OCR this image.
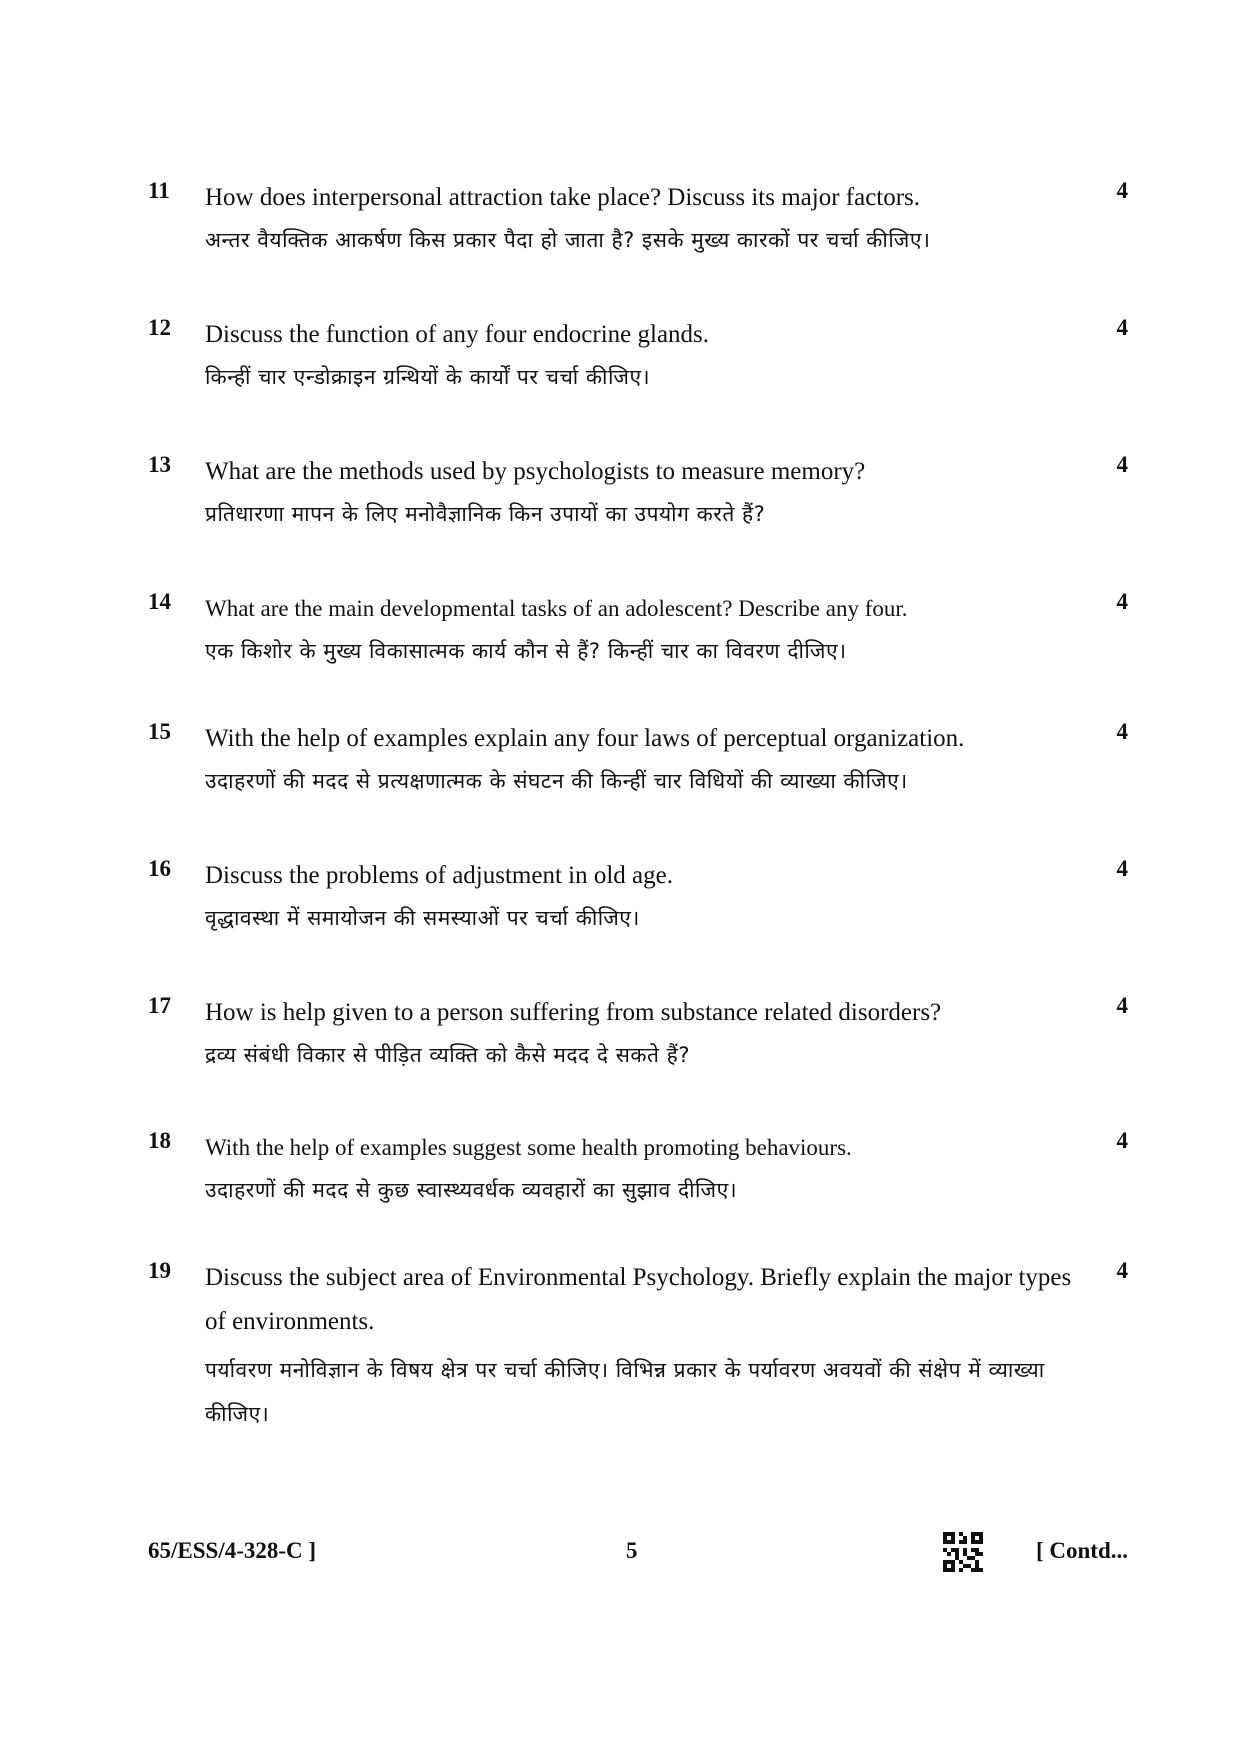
11	How does interpersonal attraction take place? Discuss its major factors.
अन्तर वैयक्तिक आकर्षण किस प्रकार पैदा हो जाता है? इसके मुख्य कारकों पर चर्चा कीजिए।
4
12	Discuss the function of any four endocrine glands.
किन्हीं चार एन्डोक्राइन ग्रन्थियों के कार्यों पर चर्चा कीजिए।
4
13	What are the methods used by psychologists to measure memory?
प्रतिधारणा मापन के लिए मनोवैज्ञानिक किन उपायों का उपयोग करते हैं?
4
14	What are the main developmental tasks of an adolescent? Describe any four.
एक किशोर के मुख्य विकासात्मक कार्य कौन से हैं? किन्हीं चार का विवरण दीजिए।
4
15	With the help of examples explain any four laws of perceptual organization.
उदाहरणों की मदद से प्रत्यक्षणात्मक के संघटन की किन्हीं चार विधियों की व्याख्या कीजिए।
4
16	Discuss the problems of adjustment in old age.
वृद्धावस्था में समायोजन की समस्याओं पर चर्चा कीजिए।
4
17	How is help given to a person suffering from substance related disorders?
द्रव्य संबंधी विकार से पीड़ित व्यक्ति को कैसे मदद दे सकते हैं?
4
18	With the help of examples suggest some health promoting behaviours.
उदाहरणों की मदद से कुछ स्वास्थ्यवर्धक व्यवहारों का सुझाव दीजिए।
4
19	Discuss the subject area of Environmental Psychology. Briefly explain the major types of environments.
पर्यावरण मनोविज्ञान के विषय क्षेत्र पर चर्चा कीजिए। विभिन्न प्रकार के पर्यावरण अवयवों की संक्षेप में व्याख्या कीजिए।
4
65/ESS/4-328-C ]	5	[ Contd...
